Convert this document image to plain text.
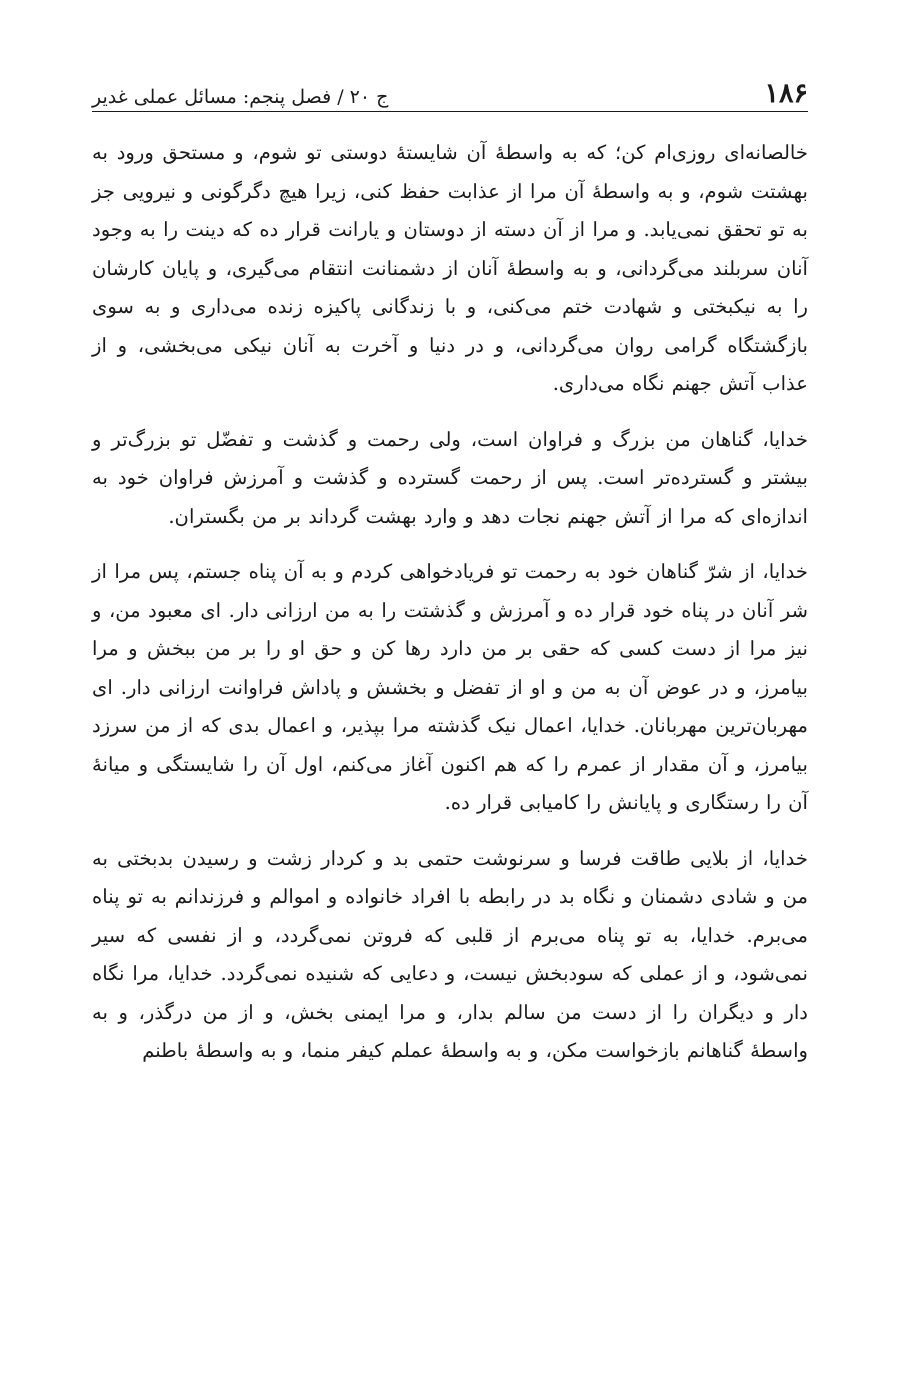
۱۸۶
ج ۲۰ / فصل پنجم: مسائل عملی غدیر

خالصانه‌ای روزی‌ام کن؛ که به واسطهٔ آن شایستهٔ دوستی تو شوم، و مستحق ورود به بهشتت شوم، و به واسطهٔ آن مرا از عذابت حفظ کنی، زیرا هیچ دگرگونی و نیرویی جز به تو تحقق نمی‌یابد. و مرا از آن دسته از دوستان و یارانت قرار ده که دینت را به وجود آنان سربلند می‌گردانی، و به واسطهٔ آنان از دشمنانت انتقام می‌گیری، و پایان کارشان را به نیکبختی و شهادت ختم می‌کنی، و با زندگانی پاکیزه زنده می‌داری و به سوی بازگشتگاه گرامی روان می‌گردانی، و در دنیا و آخرت به آنان نیکی می‌بخشی، و از عذاب آتش جهنم نگاه می‌داری.

خدایا، گناهان من بزرگ و فراوان است، ولی رحمت و گذشت و تفضّل تو بزرگ‌تر و بیشتر و گسترده‌تر است. پس از رحمت گسترده و گذشت و آمرزش فراوان خود به اندازه‌ای که مرا از آتش جهنم نجات دهد و وارد بهشت گرداند بر من بگستران.

خدایا، از شرّ گناهان خود به رحمت تو فریادخواهی کردم و به آن پناه جستم، پس مرا از شر آنان در پناه خود قرار ده و آمرزش و گذشتت را به من ارزانی دار. ای معبود من، و نیز مرا از دست کسی که حقی بر من دارد رها کن و حق او را بر من ببخش و مرا بیامرز، و در عوض آن به من و او از تفضل و بخشش و پاداش فراوانت ارزانی دار. ای مهربان‌ترین مهربانان. خدایا، اعمال نیک گذشته مرا بپذیر، و اعمال بدی که از من سرزد بیامرز، و آن مقدار از عمرم را که هم اکنون آغاز می‌کنم، اول آن را شایستگی و میانهٔ آن را رستگاری و پایانش را کامیابی قرار ده.

خدایا، از بلایی طاقت فرسا و سرنوشت حتمی بد و کردار زشت و رسیدن بدبختی به من و شادی دشمنان و نگاه بد در رابطه با افراد خانواده و اموالم و فرزندانم به تو پناه می‌برم. خدایا، به تو پناه می‌برم از قلبی که فروتن نمی‌گردد، و از نفسی که سیر نمی‌شود، و از عملی که سودبخش نیست، و دعایی که شنیده نمی‌گردد. خدایا، مرا نگاه دار و دیگران را از دست من سالم بدار، و مرا ایمنی بخش، و از من درگذر، و به واسطهٔ گناهانم بازخواست مکن، و به واسطهٔ عملم کیفر منما، و به واسطهٔ باطنم
